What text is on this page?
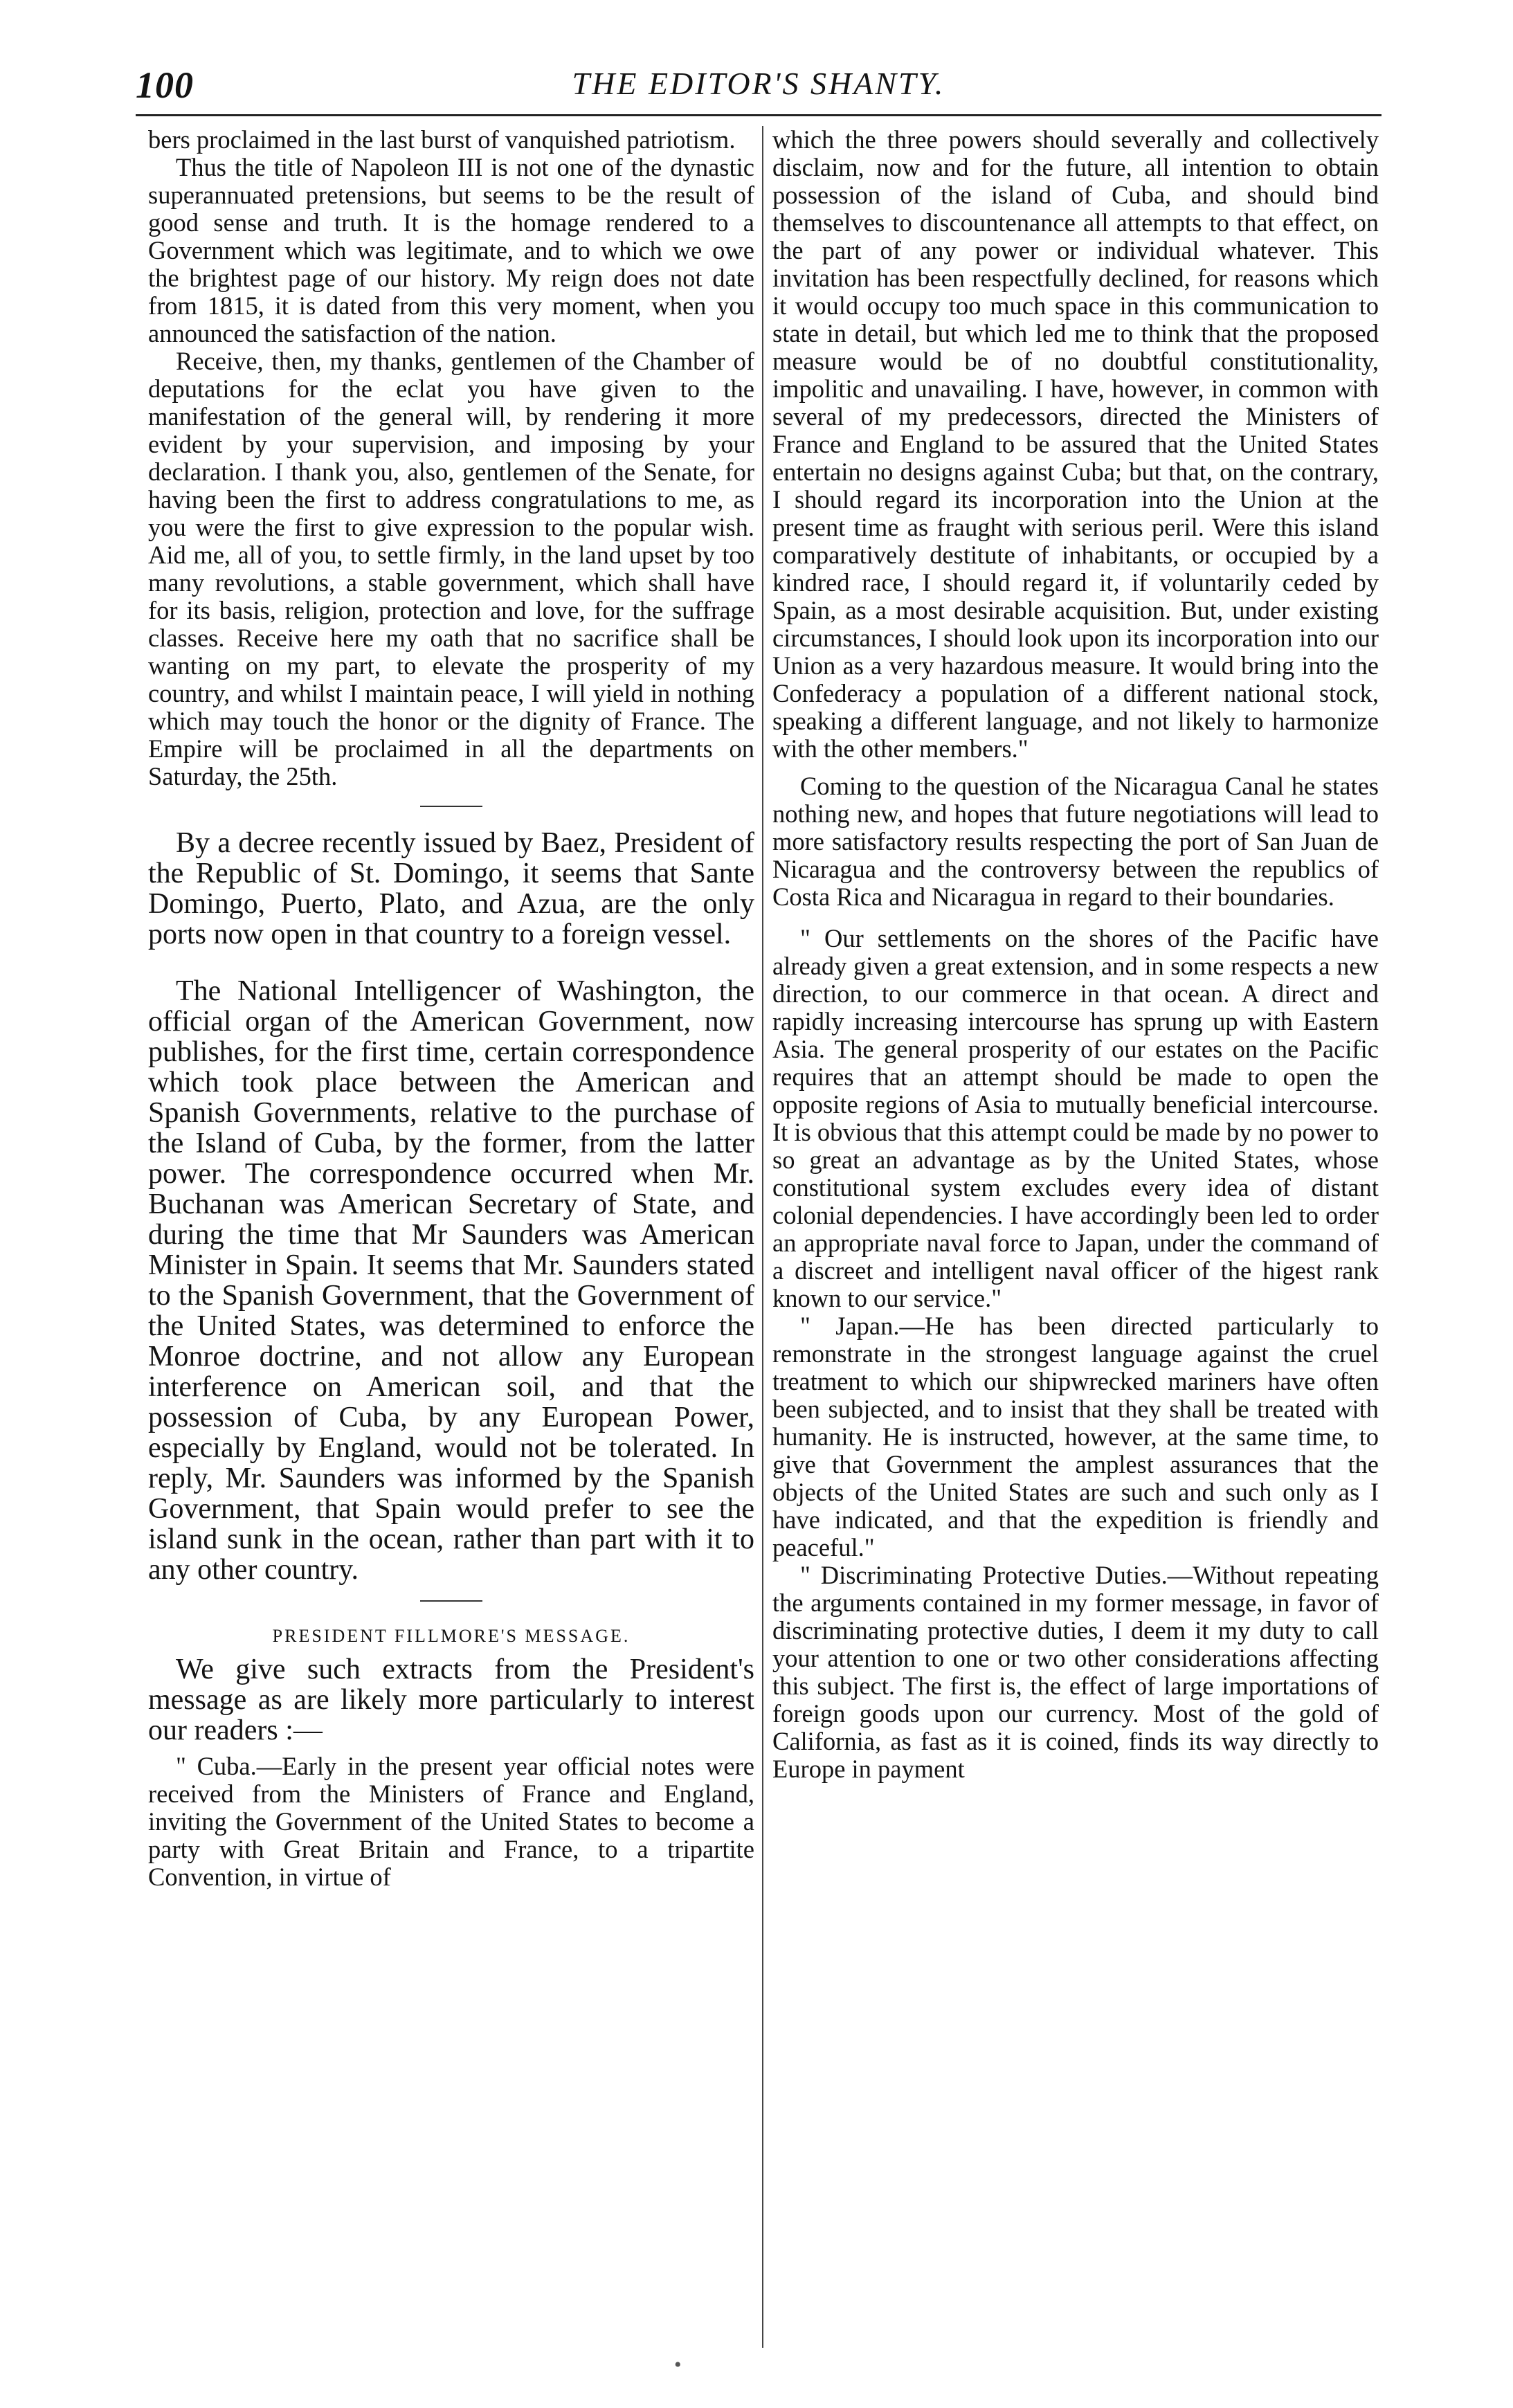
100	THE EDITOR'S SHANTY.

bers proclaimed in the last burst of vanquished patriotism.

Thus the title of Napoleon III is not one of the dynastic superannuated pretensions, but seems to be the result of good sense and truth. It is the homage rendered to a Government which was legitimate, and to which we owe the brightest page of our history. My reign does not date from 1815, it is dated from this very moment, when you announced the satisfaction of the nation.

Receive, then, my thanks, gentlemen of the Chamber of deputations for the eclat you have given to the manifestation of the general will, by rendering it more evident by your supervision, and imposing by your declaration. I thank you, also, gentlemen of the Senate, for having been the first to address congratulations to me, as you were the first to give expression to the popular wish. Aid me, all of you, to settle firmly, in the land upset by too many revolutions, a stable government, which shall have for its basis, religion, protection and love, for the suffrage classes. Receive here my oath that no sacrifice shall be wanting on my part, to elevate the prosperity of my country, and whilst I maintain peace, I will yield in nothing which may touch the honor or the dignity of France. The Empire will be proclaimed in all the departments on Saturday, the 25th.

By a decree recently issued by Baez, President of the Republic of St. Domingo, it seems that Sante Domingo, Puerto, Plato, and Azua, are the only ports now open in that country to a foreign vessel.

The National Intelligencer of Washington, the official organ of the American Government, now publishes, for the first time, certain correspondence which took place between the American and Spanish Governments, relative to the purchase of the Island of Cuba, by the former, from the latter power. The correspondence occurred when Mr. Buchanan was American Secretary of State, and during the time that Mr Saunders was American Minister in Spain. It seems that Mr. Saunders stated to the Spanish Government, that the Government of the United States, was determined to enforce the Monroe doctrine, and not allow any European interference on American soil, and that the possession of Cuba, by any European Power, especially by England, would not be tolerated. In reply, Mr. Saunders was informed by the Spanish Government, that Spain would prefer to see the island sunk in the ocean, rather than part with it to any other country.

PRESIDENT FILLMORE'S MESSAGE.

We give such extracts from the President's message as are likely more particularly to interest our readers :—

" Cuba.—Early in the present year official notes were received from the Ministers of France and England, inviting the Government of the United States to become a party with Great Britain and France, to a tripartite Convention, in virtue of

which the three powers should severally and collectively disclaim, now and for the future, all intention to obtain possession of the island of Cuba, and should bind themselves to discountenance all attempts to that effect, on the part of any power or individual whatever. This invitation has been respectfully declined, for reasons which it would occupy too much space in this communication to state in detail, but which led me to think that the proposed measure would be of no doubtful constitutionality, impolitic and unavailing. I have, however, in common with several of my predecessors, directed the Ministers of France and England to be assured that the United States entertain no designs against Cuba; but that, on the contrary, I should regard its incorporation into the Union at the present time as fraught with serious peril. Were this island comparatively destitute of inhabitants, or occupied by a kindred race, I should regard it, if voluntarily ceded by Spain, as a most desirable acquisition. But, under existing circumstances, I should look upon its incorporation into our Union as a very hazardous measure. It would bring into the Confederacy a population of a different national stock, speaking a different language, and not likely to harmonize with the other members."

Coming to the question of the Nicaragua Canal he states nothing new, and hopes that future negotiations will lead to more satisfactory results respecting the port of San Juan de Nicaragua and the controversy between the republics of Costa Rica and Nicaragua in regard to their boundaries.

" Our settlements on the shores of the Pacific have already given a great extension, and in some respects a new direction, to our commerce in that ocean. A direct and rapidly increasing intercourse has sprung up with Eastern Asia. The general prosperity of our estates on the Pacific requires that an attempt should be made to open the opposite regions of Asia to mutually beneficial intercourse. It is obvious that this attempt could be made by no power to so great an advantage as by the United States, whose constitutional system excludes every idea of distant colonial dependencies. I have accordingly been led to order an appropriate naval force to Japan, under the command of a discreet and intelligent naval officer of the higest rank known to our service."

" Japan.—He has been directed particularly to remonstrate in the strongest language against the cruel treatment to which our shipwrecked mariners have often been subjected, and to insist that they shall be treated with humanity. He is instructed, however, at the same time, to give that Government the amplest assurances that the objects of the United States are such and such only as I have indicated, and that the expedition is friendly and peaceful."

" Discriminating Protective Duties.—Without repeating the arguments contained in my former message, in favor of discriminating protective duties, I deem it my duty to call your attention to one or two other considerations affecting this subject. The first is, the effect of large importations of foreign goods upon our currency. Most of the gold of California, as fast as it is coined, finds its way directly to Europe in payment

•
